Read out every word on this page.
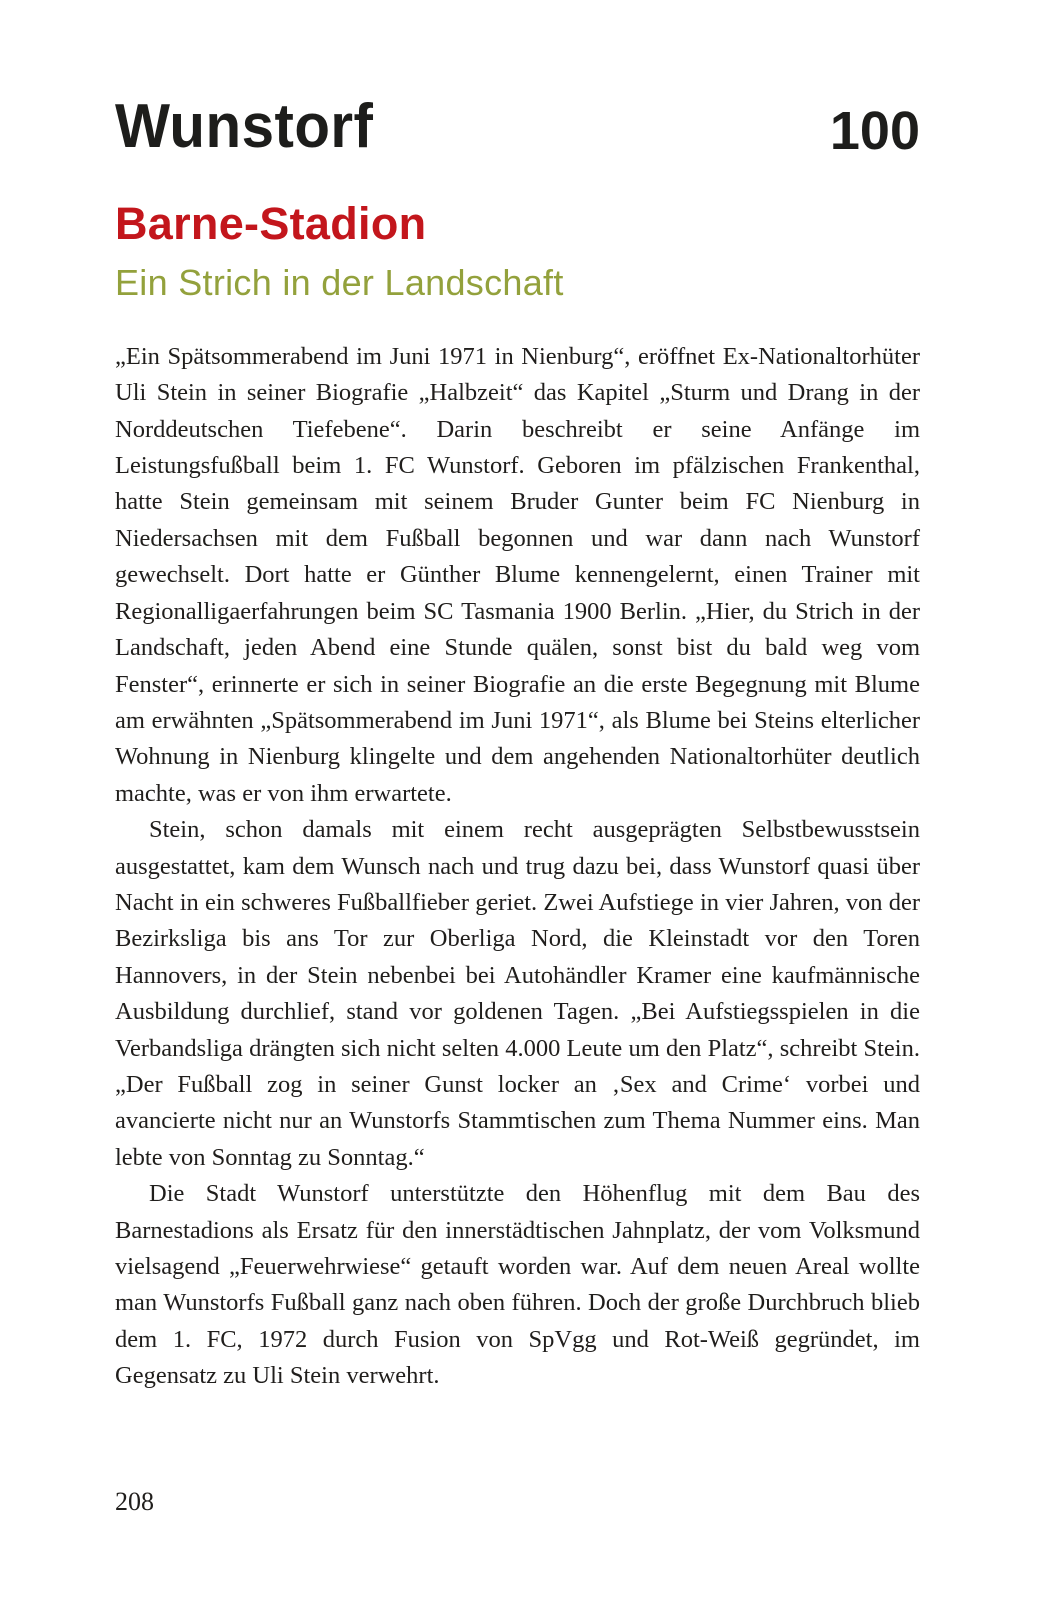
Wunstorf	100
Barne-Stadion
Ein Strich in der Landschaft

„Ein Spätsommerabend im Juni 1971 in Nienburg“, eröffnet Ex-Nationaltorhüter Uli Stein in seiner Biografie „Halbzeit“ das Kapitel „Sturm und Drang in der Norddeutschen Tiefebene“. Darin beschreibt er seine Anfänge im Leistungsfußball beim 1. FC Wunstorf. Geboren im pfälzischen Frankenthal, hatte Stein gemeinsam mit seinem Bruder Gunter beim FC Nienburg in Niedersachsen mit dem Fußball begonnen und war dann nach Wunstorf gewechselt. Dort hatte er Günther Blume kennengelernt, einen Trainer mit Regionalligaerfahrungen beim SC Tasmania 1900 Berlin. „Hier, du Strich in der Landschaft, jeden Abend eine Stunde quälen, sonst bist du bald weg vom Fenster“, erinnerte er sich in seiner Biografie an die erste Begegnung mit Blume am erwähnten „Spätsommerabend im Juni 1971“, als Blume bei Steins elterlicher Wohnung in Nienburg klingelte und dem angehenden Nationaltorhüter deutlich machte, was er von ihm erwartete.

Stein, schon damals mit einem recht ausgeprägten Selbstbewusstsein ausgestattet, kam dem Wunsch nach und trug dazu bei, dass Wunstorf quasi über Nacht in ein schweres Fußballfieber geriet. Zwei Aufstiege in vier Jahren, von der Bezirksliga bis ans Tor zur Oberliga Nord, die Kleinstadt vor den Toren Hannovers, in der Stein nebenbei bei Autohändler Kramer eine kaufmännische Ausbildung durchlief, stand vor goldenen Tagen. „Bei Aufstiegsspielen in die Verbandsliga drängten sich nicht selten 4.000 Leute um den Platz“, schreibt Stein. „Der Fußball zog in seiner Gunst locker an ‚Sex and Crime‘ vorbei und avancierte nicht nur an Wunstorfs Stammtischen zum Thema Nummer eins. Man lebte von Sonntag zu Sonntag.“

Die Stadt Wunstorf unterstützte den Höhenflug mit dem Bau des Barnestadions als Ersatz für den innerstädtischen Jahnplatz, der vom Volksmund vielsagend „Feuerwehrwiese“ getauft worden war. Auf dem neuen Areal wollte man Wunstorfs Fußball ganz nach oben führen. Doch der große Durchbruch blieb dem 1. FC, 1972 durch Fusion von SpVgg und Rot-Weiß gegründet, im Gegensatz zu Uli Stein verwehrt.

208
